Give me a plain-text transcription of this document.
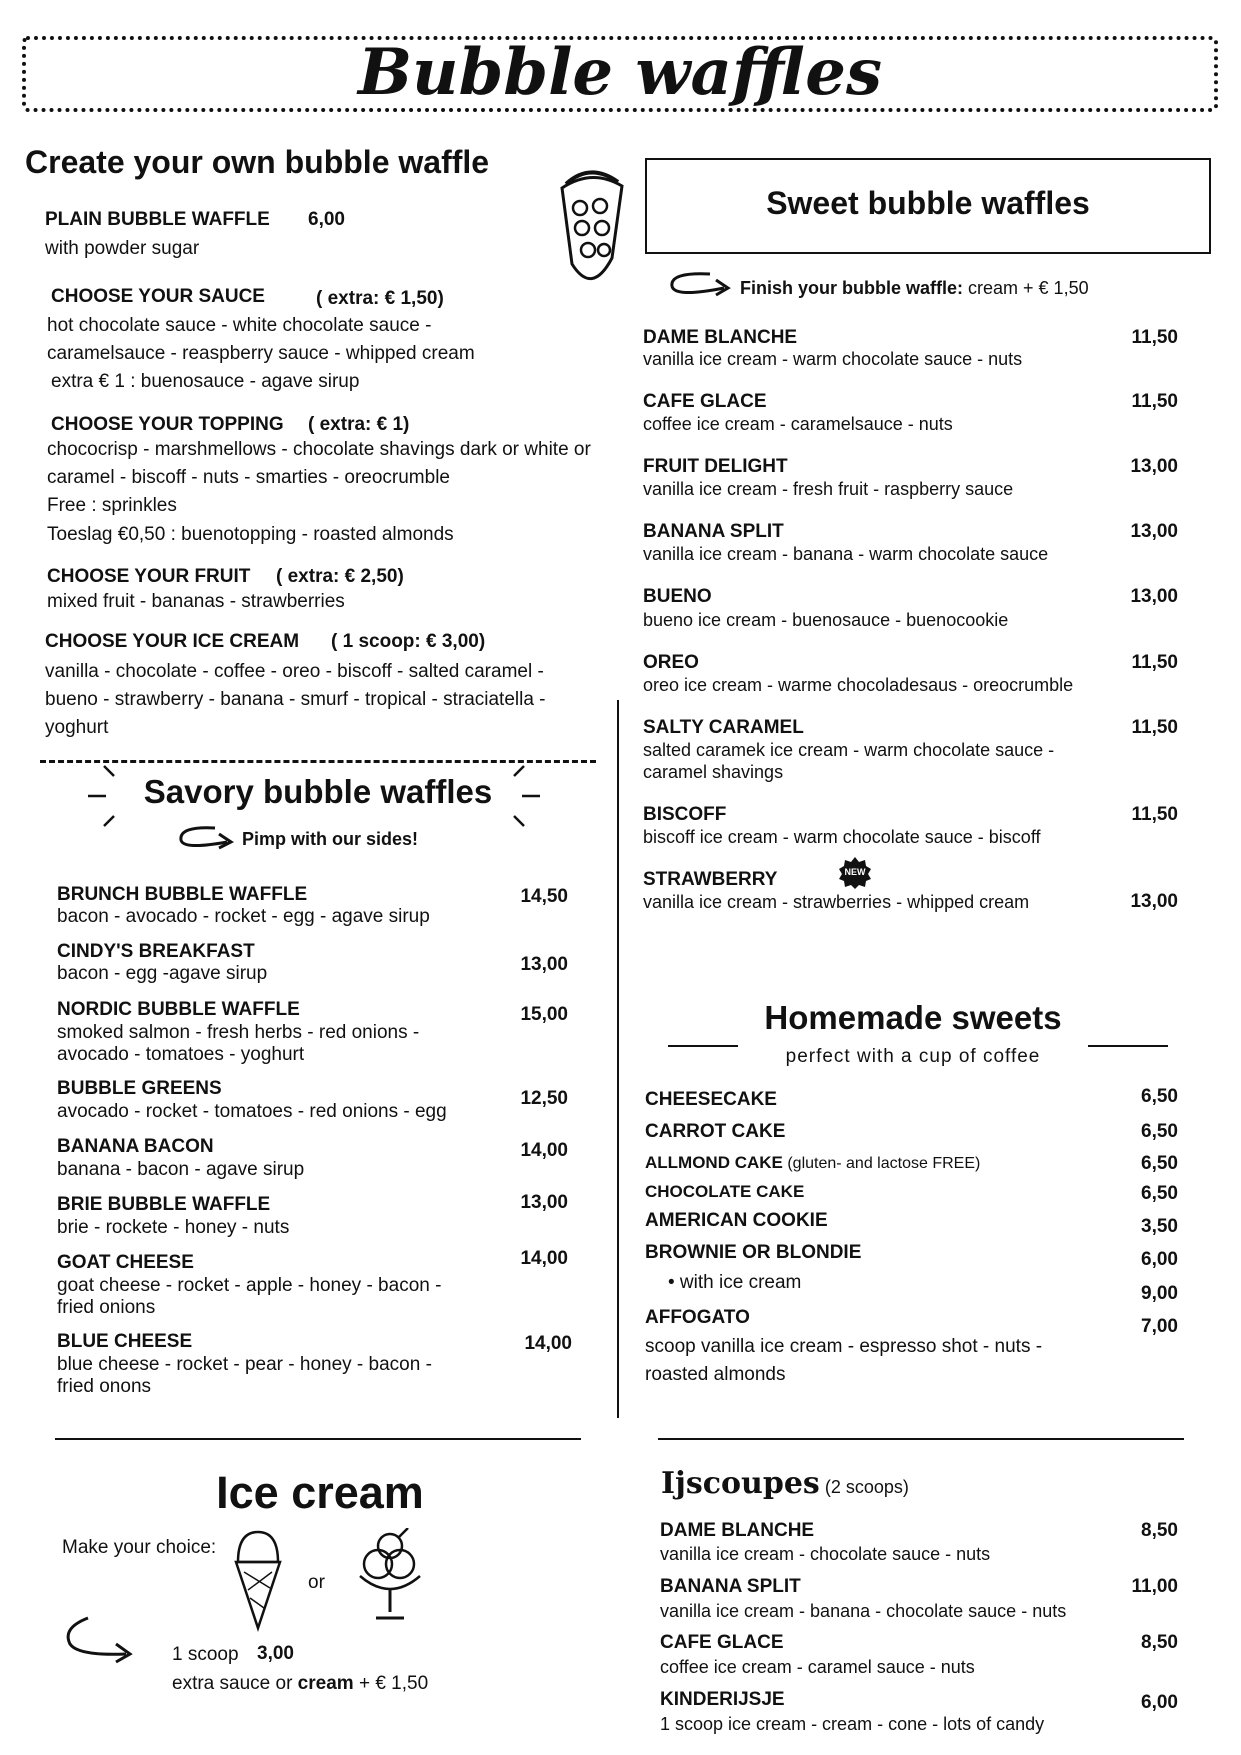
Bubble waffles
Create your own bubble waffle
PLAIN BUBBLE WAFFLE 6,00
with powder sugar
CHOOSE YOUR SAUCE	( extra: € 1,50)
hot chocolate sauce - white chocolate sauce -
caramelsauce - reaspberry sauce - whipped cream
extra € 1 : buenosauce - agave sirup
CHOOSE YOUR TOPPING ( extra: € 1)
chococrisp - marshmellows - chocolate shavings dark or white or
caramel - biscoff - nuts - smarties - oreocrumble
Free : sprinkles
Toeslag €0,50 : buenotopping - roasted almonds
CHOOSE YOUR FRUIT ( extra: € 2,50)
mixed fruit - bananas - strawberries
CHOOSE YOUR ICE CREAM ( 1 scoop: € 3,00)
vanilla - chocolate - coffee - oreo - biscoff - salted caramel -
bueno - strawberry - banana - smurf - tropical - straciatella -
yoghurt
Savory bubble waffles
Pimp with our sides!
BRUNCH BUBBLE WAFFLE
bacon - avocado - rocket - egg - agave sirup
14,50
CINDY'S BREAKFAST
bacon - egg -agave sirup	13,00
NORDIC BUBBLE WAFFLE
smoked salmon - fresh herbs - red onions -
avocado - tomatoes - yoghurt
15,00
BUBBLE GREENS
avocado - rocket - tomatoes - red onions - egg
12,50
BANANA BACON
banana - bacon - agave sirup
14,00
BRIE BUBBLE WAFFLE
brie - rockete - honey - nuts
13,00
GOAT CHEESE
goat cheese - rocket - apple - honey - bacon -
fried onions
14,00
BLUE CHEESE
blue cheese - rocket - pear - honey - bacon -
fried onons
14,00
Sweet bubble waffles
Finish your bubble waffle: cream + € 1,50
DAME BLANCHE
vanilla ice cream - warm chocolate sauce - nuts
11,50
CAFE GLACE
coffee ice cream - caramelsauce - nuts
11,50
FRUIT DELIGHT
vanilla ice cream - fresh fruit - raspberry sauce
13,00
BANANA SPLIT
vanilla ice cream - banana - warm chocolate sauce
13,00
BUENO
bueno ice cream - buenosauce - buenocookie
13,00
OREO
oreo ice cream - warme chocoladesaus - oreocrumble
11,50
SALTY CARAMEL
salted caramek ice cream - warm chocolate sauce -
caramel shavings
11,50
BISCOFF
biscoff ice cream - warm chocolate sauce - biscoff
11,50
STRAWBERRY	NEW
vanilla ice cream - strawberries - whipped cream	13,00
Homemade sweets
perfect with a cup of coffee
CHEESECAKE	6,50
CARROT CAKE	6,50
ALLMOND CAKE (gluten- and lactose FREE)	6,50
CHOCOLATE CAKE	6,50
AMERICAN COOKIE	3,50
BROWNIE OR BLONDIE	6,00
• with ice cream
9,00
AFFOGATO	7,00
scoop vanilla ice cream - espresso shot - nuts -
roasted almonds
Ice cream
Make your choice:
or
1 scoop 3,00
extra sauce or cream + € 1,50
Ijscoupes (2 scoops)
DAME BLANCHE
vanilla ice cream - chocolate sauce - nuts
8,50
BANANA SPLIT
vanilla ice cream - banana - chocolate sauce - nuts
11,00
CAFE GLACE
coffee ice cream - caramel sauce - nuts
8,50
KINDERIJSJE
1 scoop ice cream - cream - cone - lots of candy
6,00
